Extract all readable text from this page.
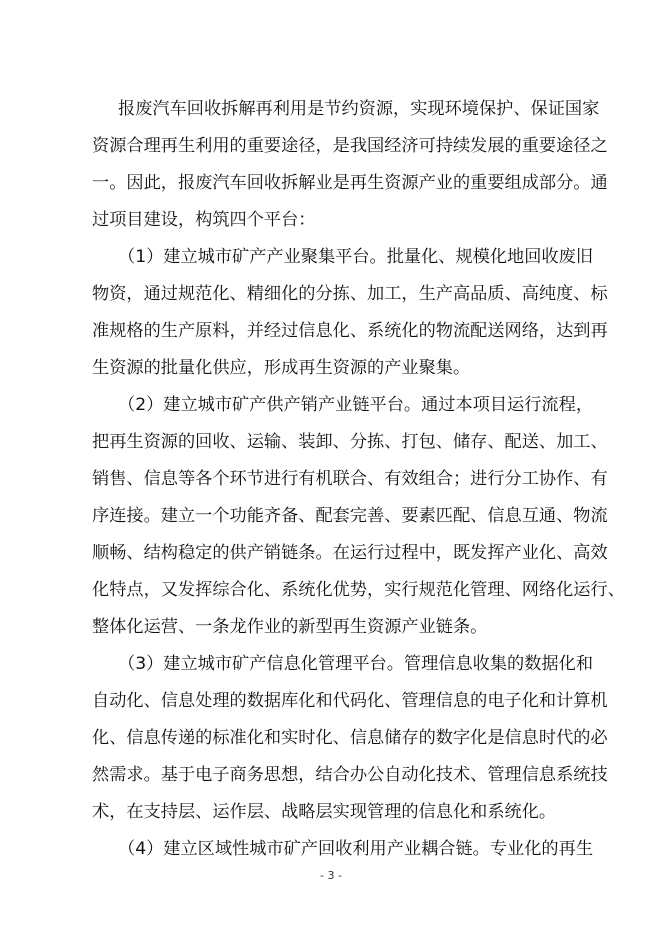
报废汽车回收拆解再利用是节约资源，实现环境保护、保证国家
资源合理再生利用的重要途径，是我国经济可持续发展的重要途径之
一。因此，报废汽车回收拆解业是再生资源产业的重要组成部分。通
过项目建设，构筑四个平台：
（1）建立城市矿产产业聚集平台。批量化、规模化地回收废旧
物资，通过规范化、精细化的分拣、加工，生产高品质、高纯度、标
准规格的生产原料，并经过信息化、系统化的物流配送网络，达到再
生资源的批量化供应，形成再生资源的产业聚集。
（2）建立城市矿产供产销产业链平台。通过本项目运行流程，
把再生资源的回收、运输、装卸、分拣、打包、储存、配送、加工、
销售、信息等各个环节进行有机联合、有效组合；进行分工协作、有
序连接。建立一个功能齐备、配套完善、要素匹配、信息互通、物流
顺畅、结构稳定的供产销链条。在运行过程中，既发挥产业化、高效
化特点，又发挥综合化、系统化优势，实行规范化管理、网络化运行、
整体化运营、一条龙作业的新型再生资源产业链条。
（3）建立城市矿产信息化管理平台。管理信息收集的数据化和
自动化、信息处理的数据库化和代码化、管理信息的电子化和计算机
化、信息传递的标准化和实时化、信息储存的数字化是信息时代的必
然需求。基于电子商务思想，结合办公自动化技术、管理信息系统技
术，在支持层、运作层、战略层实现管理的信息化和系统化。
（4）建立区域性城市矿产回收利用产业耦合链。专业化的再生
- 3 -
